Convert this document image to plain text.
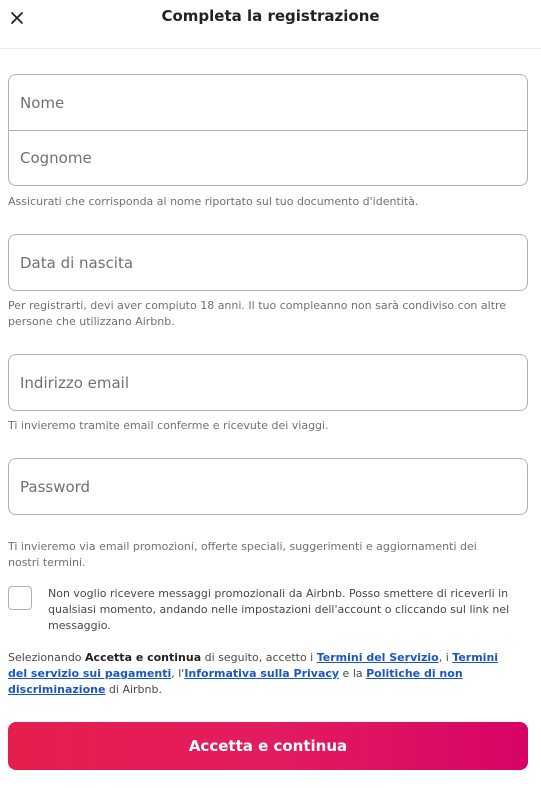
Completa la registrazione
Nome
Cognome
Assicurati che corrisponda al nome riportato sul tuo documento d'identità.
Data di nascita
Per registrarti, devi aver compiuto 18 anni. Il tuo compleanno non sarà condiviso con altre persone che utilizzano Airbnb.
Indirizzo email
Ti invieremo tramite email conferme e ricevute dei viaggi.
Password
Ti invieremo via email promozioni, offerte speciali, suggerimenti e aggiornamenti dei nostri termini.
Non voglio ricevere messaggi promozionali da Airbnb. Posso smettere di riceverli in qualsiasi momento, andando nelle impostazioni dell'account o cliccando sul link nel messaggio.
Selezionando Accetta e continua di seguito, accetto i Termini del Servizio, i Termini del servizio sui pagamenti, l'Informativa sulla Privacy e la Politiche di non discriminazione di Airbnb.
Accetta e continua
